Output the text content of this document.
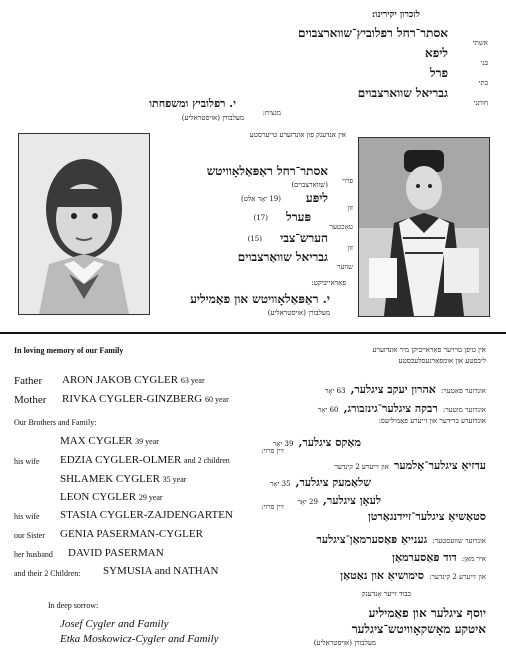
לזכרון יקירינו:
אשתי
אסתר־רחל רפלוביץ־שווארצבוים
בני
ליפא
בתי
פרל
חותני
גבריאל שווארצבוים
מנציח:
י. רפלוביץ ומשפחתו
מעלבורן (אויסטראליע)
אין אנדענק פון אונדזערע טייערסטע
פרוי
אסתר־רחל ראַפּאַלאָוויטש
(שוואַרצבוים)
זון
ליפּע
(19 יאָר אַלט)
טאָכטער
פּערל
(17)
זון
הערש־צבי
(15)
שווער
גבריאל שוואַרצבוים
פאַראייביקט:
י. ראַפּאַלאָוויטש און פאַמיליע
מעלבורן (אויסטראַליע)
In loving memory of our Family
Father ARON JAKOB CYGLER 63 year
Mother RIVKA CYGLER-GINZBERG 60 year
Our Brothers and Family:
MAX CYGLER 39 year
his wife EDZIA CYGLER-OLMER and 2 children
SHLAMEK CYGLER 35 year
LEON CYGLER 29 year
his wife STASIA CYGLER-ZAJDENGARTEN
our Sister GENIA PASERMAN-CYGLER
her husband DAVID PASERMAN
and their 2 Children: SYMUSIA and NATHAN
In deep sorrow:
Josef Cygler and Family
Etka Moskowicz-Cygler and Family
אין טיפן טרויער פאַראייביקן מיר אונדזערע
ליבסטע און אומפאַרגעסלעכסטע
אונדזער פאַטער: אהרון יעקב ציגלער, 63 יאָר
אונדזער מוטער: רבקה ציגלער־גינזבורג, 60 יאָר
אונדזערע ברידער און זייערע פאַמיליעס:
מאַקס ציגלער, 39 יאָר
זיין פרוי:
עדזיאַ ציגלער־אָלמער און זייערע 2 קינדער
שלאַמעק ציגלער, 35 יאָר
לעאָן ציגלער, 29 יאָר
זיין פרוי:
סטאַשיאַ ציגלער־זיידנגאַרטן
אונדזער שוועסטער: גענייאַ פּאַסערמאַן־ציגלער
איר מאַן: דוד פּאַסערמאַן
און זייערע 2 קינדער: סימושיאַ און נאַטאַן
כבוד זייער אָנדענק
יוסף ציגלער און פאַמיליע
איטקע מאָשקאָוויטש־ציגלער
מעלבורן (אויסטראַליע)
